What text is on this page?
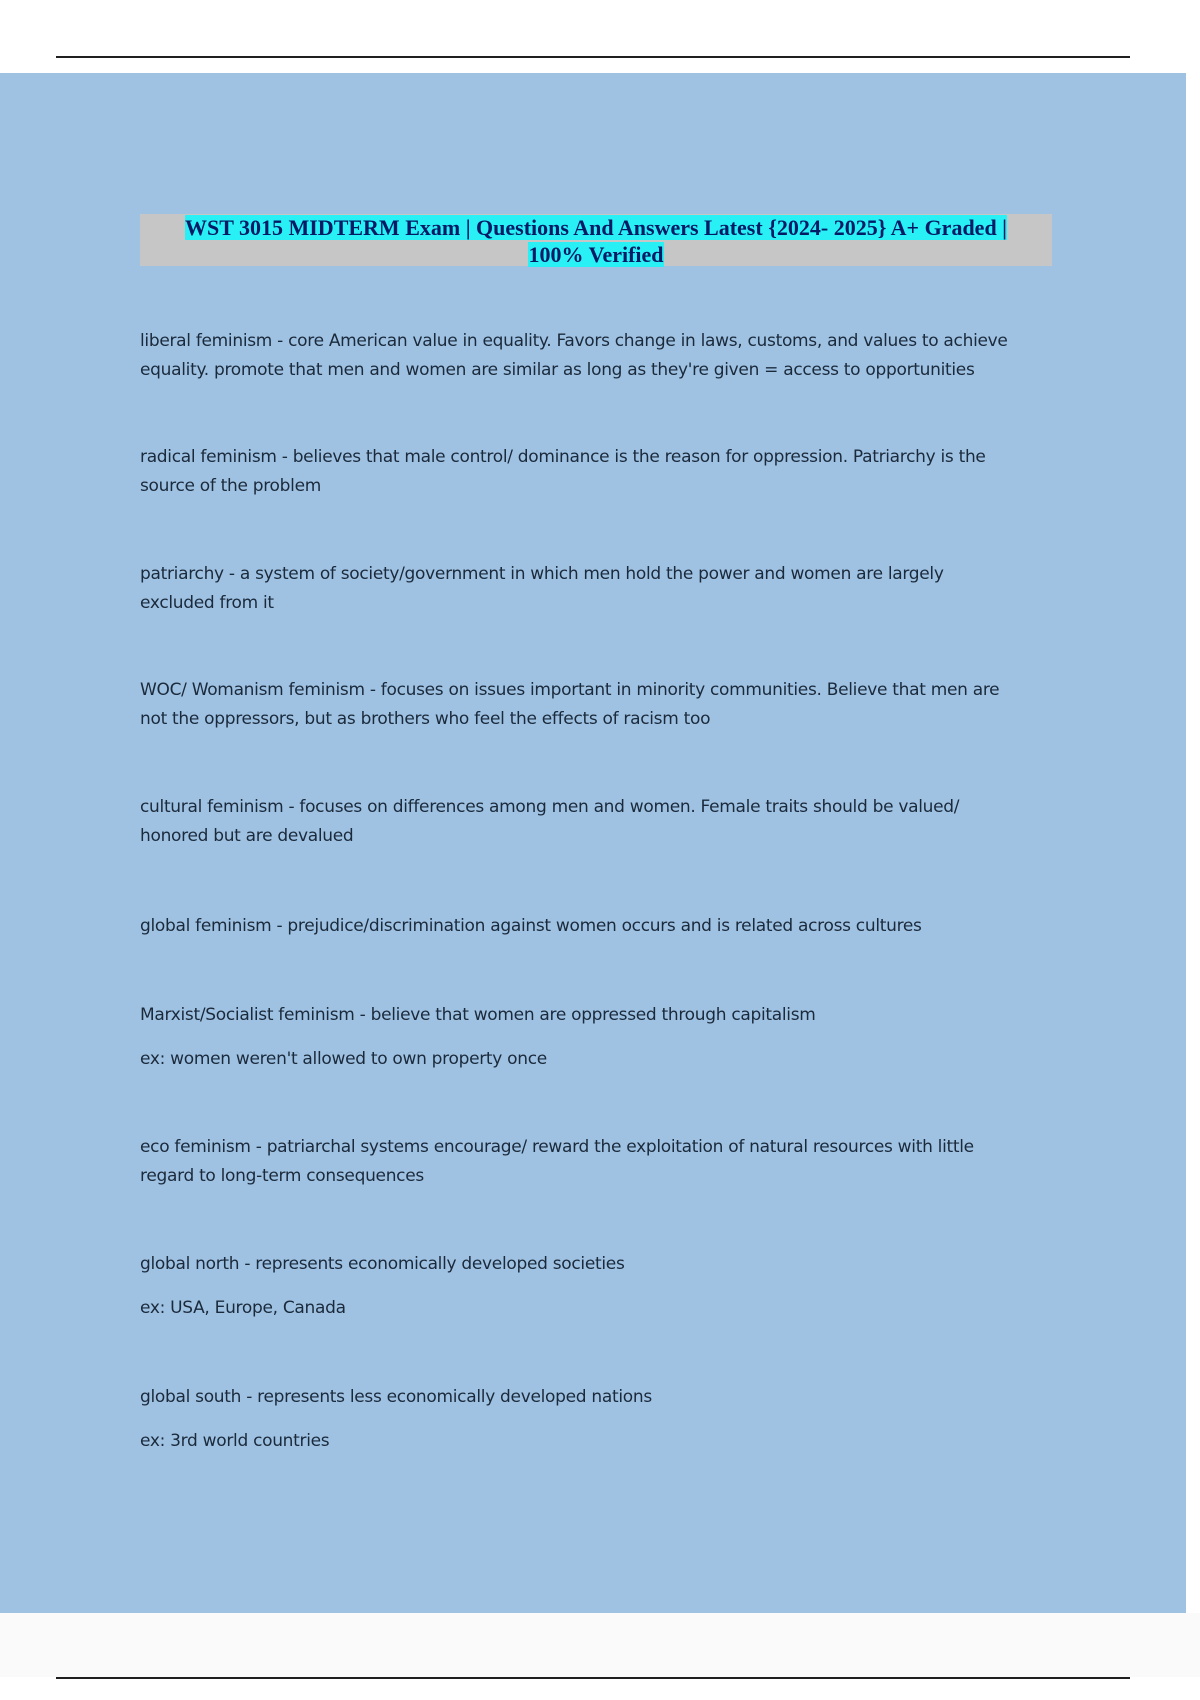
WST 3015 MIDTERM Exam | Questions And Answers Latest {2024- 2025} A+ Graded |
100% Verified

liberal feminism - core American value in equality. Favors change in laws, customs, and values to achieve
equality. promote that men and women are similar as long as they're given = access to opportunities

radical feminism - believes that male control/ dominance is the reason for oppression. Patriarchy is the
source of the problem

patriarchy - a system of society/government in which men hold the power and women are largely
excluded from it

WOC/ Womanism feminism - focuses on issues important in minority communities. Believe that men are
not the oppressors, but as brothers who feel the effects of racism too

cultural feminism - focuses on differences among men and women. Female traits should be valued/
honored but are devalued

global feminism - prejudice/discrimination against women occurs and is related across cultures

Marxist/Socialist feminism - believe that women are oppressed through capitalism

ex: women weren't allowed to own property once

eco feminism - patriarchal systems encourage/ reward the exploitation of natural resources with little
regard to long-term consequences

global north - represents economically developed societies

ex: USA, Europe, Canada

global south - represents less economically developed nations

ex: 3rd world countries
